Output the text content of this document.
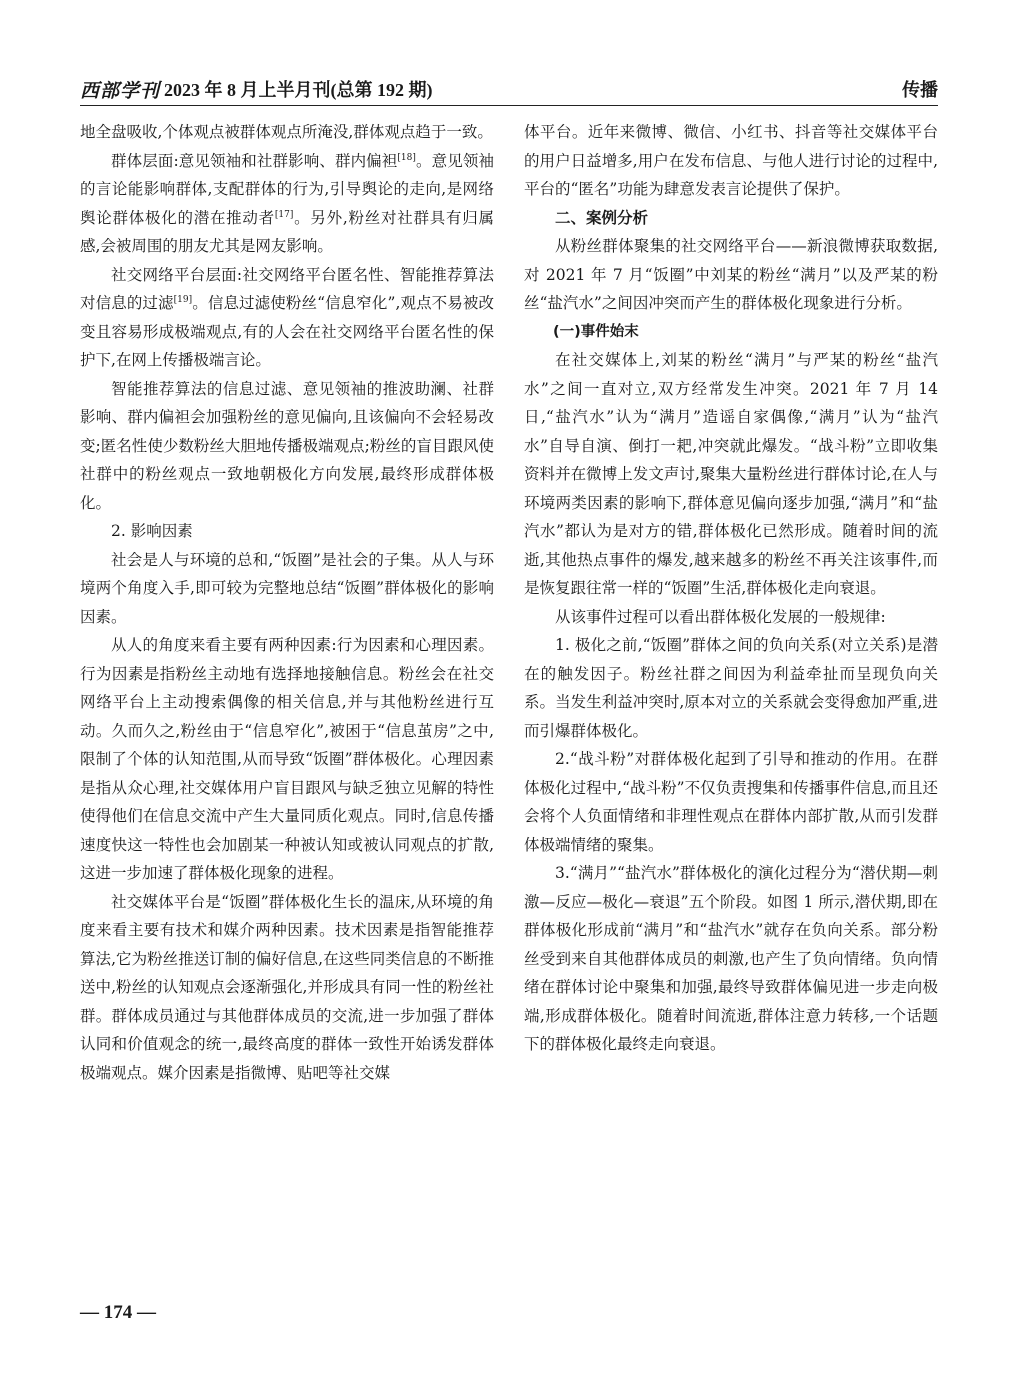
西部学刊 2023 年 8 月上半月刊(总第 192 期)	传播

地全盘吸收,个体观点被群体观点所淹没,群体观点趋于一致。

群体层面:意见领袖和社群影响、群内偏袒[18]。意见领袖的言论能影响群体,支配群体的行为,引导舆论的走向,是网络舆论群体极化的潜在推动者[17]。另外,粉丝对社群具有归属感,会被周围的朋友尤其是网友影响。

社交网络平台层面:社交网络平台匿名性、智能推荐算法对信息的过滤[19]。信息过滤使粉丝“信息窄化”,观点不易被改变且容易形成极端观点,有的人会在社交网络平台匿名性的保护下,在网上传播极端言论。

智能推荐算法的信息过滤、意见领袖的推波助澜、社群影响、群内偏袒会加强粉丝的意见偏向,且该偏向不会轻易改变;匿名性使少数粉丝大胆地传播极端观点;粉丝的盲目跟风使社群中的粉丝观点一致地朝极化方向发展,最终形成群体极化。

2. 影响因素

社会是人与环境的总和,“饭圈”是社会的子集。从人与环境两个角度入手,即可较为完整地总结“饭圈”群体极化的影响因素。

从人的角度来看主要有两种因素:行为因素和心理因素。行为因素是指粉丝主动地有选择地接触信息。粉丝会在社交网络平台上主动搜索偶像的相关信息,并与其他粉丝进行互动。久而久之,粉丝由于“信息窄化”,被困于“信息茧房”之中,限制了个体的认知范围,从而导致“饭圈”群体极化。心理因素是指从众心理,社交媒体用户盲目跟风与缺乏独立见解的特性使得他们在信息交流中产生大量同质化观点。同时,信息传播速度快这一特性也会加剧某一种被认知或被认同观点的扩散,这进一步加速了群体极化现象的进程。

社交媒体平台是“饭圈”群体极化生长的温床,从环境的角度来看主要有技术和媒介两种因素。技术因素是指智能推荐算法,它为粉丝推送订制的偏好信息,在这些同类信息的不断推送中,粉丝的认知观点会逐渐强化,并形成具有同一性的粉丝社群。群体成员通过与其他群体成员的交流,进一步加强了群体认同和价值观念的统一,最终高度的群体一致性开始诱发群体极端观点。媒介因素是指微博、贴吧等社交媒

体平台。近年来微博、微信、小红书、抖音等社交媒体平台的用户日益增多,用户在发布信息、与他人进行讨论的过程中,平台的“匿名”功能为肆意发表言论提供了保护。

二、案例分析

从粉丝群体聚集的社交网络平台——新浪微博获取数据,对 2021 年 7 月“饭圈”中刘某的粉丝“满月”以及严某的粉丝“盐汽水”之间因冲突而产生的群体极化现象进行分析。

(一)事件始末

在社交媒体上,刘某的粉丝“满月”与严某的粉丝“盐汽水”之间一直对立,双方经常发生冲突。2021 年 7 月 14 日,“盐汽水”认为“满月”造谣自家偶像,“满月”认为“盐汽水”自导自演、倒打一耙,冲突就此爆发。“战斗粉”立即收集资料并在微博上发文声讨,聚集大量粉丝进行群体讨论,在人与环境两类因素的影响下,群体意见偏向逐步加强,“满月”和“盐汽水”都认为是对方的错,群体极化已然形成。随着时间的流逝,其他热点事件的爆发,越来越多的粉丝不再关注该事件,而是恢复跟往常一样的“饭圈”生活,群体极化走向衰退。

从该事件过程可以看出群体极化发展的一般规律:

1. 极化之前,“饭圈”群体之间的负向关系(对立关系)是潜在的触发因子。粉丝社群之间因为利益牵扯而呈现负向关系。当发生利益冲突时,原本对立的关系就会变得愈加严重,进而引爆群体极化。

2.“战斗粉”对群体极化起到了引导和推动的作用。在群体极化过程中,“战斗粉”不仅负责搜集和传播事件信息,而且还会将个人负面情绪和非理性观点在群体内部扩散,从而引发群体极端情绪的聚集。

3.“满月”“盐汽水”群体极化的演化过程分为“潜伏期—刺激—反应—极化—衰退”五个阶段。如图 1 所示,潜伏期,即在群体极化形成前“满月”和“盐汽水”就存在负向关系。部分粉丝受到来自其他群体成员的刺激,也产生了负向情绪。负向情绪在群体讨论中聚集和加强,最终导致群体偏见进一步走向极端,形成群体极化。随着时间流逝,群体注意力转移,一个话题下的群体极化最终走向衰退。

— 174 —
